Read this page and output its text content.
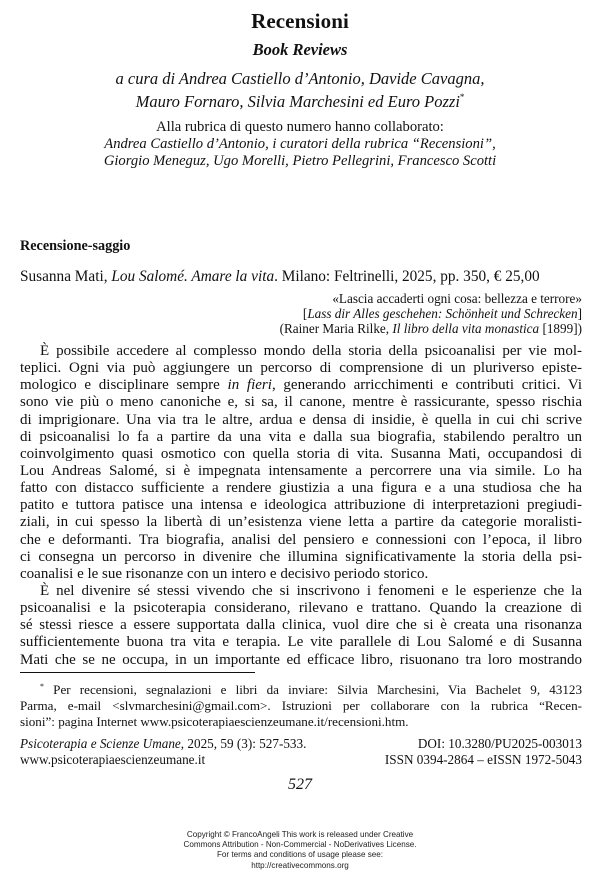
Recensioni
Book Reviews
a cura di Andrea Castiello d’Antonio, Davide Cavagna,
Mauro Fornaro, Silvia Marchesini ed Euro Pozzi*
Alla rubrica di questo numero hanno collaborato:
Andrea Castiello d’Antonio, i curatori della rubrica “Recensioni”,
Giorgio Meneguz, Ugo Morelli, Pietro Pellegrini, Francesco Scotti
Recensione-saggio
Susanna Mati, Lou Salomé. Amare la vita. Milano: Feltrinelli, 2025, pp. 350, € 25,00
«Lascia accaderti ogni cosa: bellezza e terrore»
[Lass dir Alles geschehen: Schönheit und Schrecken]
(Rainer Maria Rilke, Il libro della vita monastica [1899])
È possibile accedere al complesso mondo della storia della psicoanalisi per vie mol-
teplici. Ogni via può aggiungere un percorso di comprensione di un pluriverso episte-
mologico e disciplinare sempre in fieri, generando arricchimenti e contributi critici. Vi
sono vie più o meno canoniche e, si sa, il canone, mentre è rassicurante, spesso rischia
di imprigionare. Una via tra le altre, ardua e densa di insidie, è quella in cui chi scrive
di psicoanalisi lo fa a partire da una vita e dalla sua biografia, stabilendo peraltro un
coinvolgimento quasi osmotico con quella storia di vita. Susanna Mati, occupandosi di
Lou Andreas Salomé, si è impegnata intensamente a percorrere una via simile. Lo ha
fatto con distacco sufficiente a rendere giustizia a una figura e a una studiosa che ha
patito e tuttora patisce una intensa e ideologica attribuzione di interpretazioni pregiudi-
ziali, in cui spesso la libertà di un’esistenza viene letta a partire da categorie moralisti-
che e deformanti. Tra biografia, analisi del pensiero e connessioni con l’epoca, il libro
ci consegna un percorso in divenire che illumina significativamente la storia della psi-
coanalisi e le sue risonanze con un intero e decisivo periodo storico.
È nel divenire sé stessi vivendo che si inscrivono i fenomeni e le esperienze che la
psicoanalisi e la psicoterapia considerano, rilevano e trattano. Quando la creazione di
sé stessi riesce a essere supportata dalla clinica, vuol dire che si è creata una risonanza
sufficientemente buona tra vita e terapia. Le vite parallele di Lou Salomé e di Susanna
Mati che se ne occupa, in un importante ed efficace libro, risuonano tra loro mostrando
* Per recensioni, segnalazioni e libri da inviare: Silvia Marchesini, Via Bachelet 9, 43123
Parma, e-mail <slvmarchesini@gmail.com>. Istruzioni per collaborare con la rubrica “Recen-
sioni”: pagina Internet www.psicoterapiaescienzeumane.it/recensioni.htm.
Psicoterapia e Scienze Umane, 2025, 59 (3): 527-533.	DOI: 10.3280/PU2025-003013
www.psicoterapiaescienzeumane.it	ISSN 0394-2864 – eISSN 1972-5043
527
Copyright © FrancoAngeli This work is released under Creative
Commons Attribution - Non-Commercial - NoDerivatives License.
For terms and conditions of usage please see:
http://creativecommons.org
